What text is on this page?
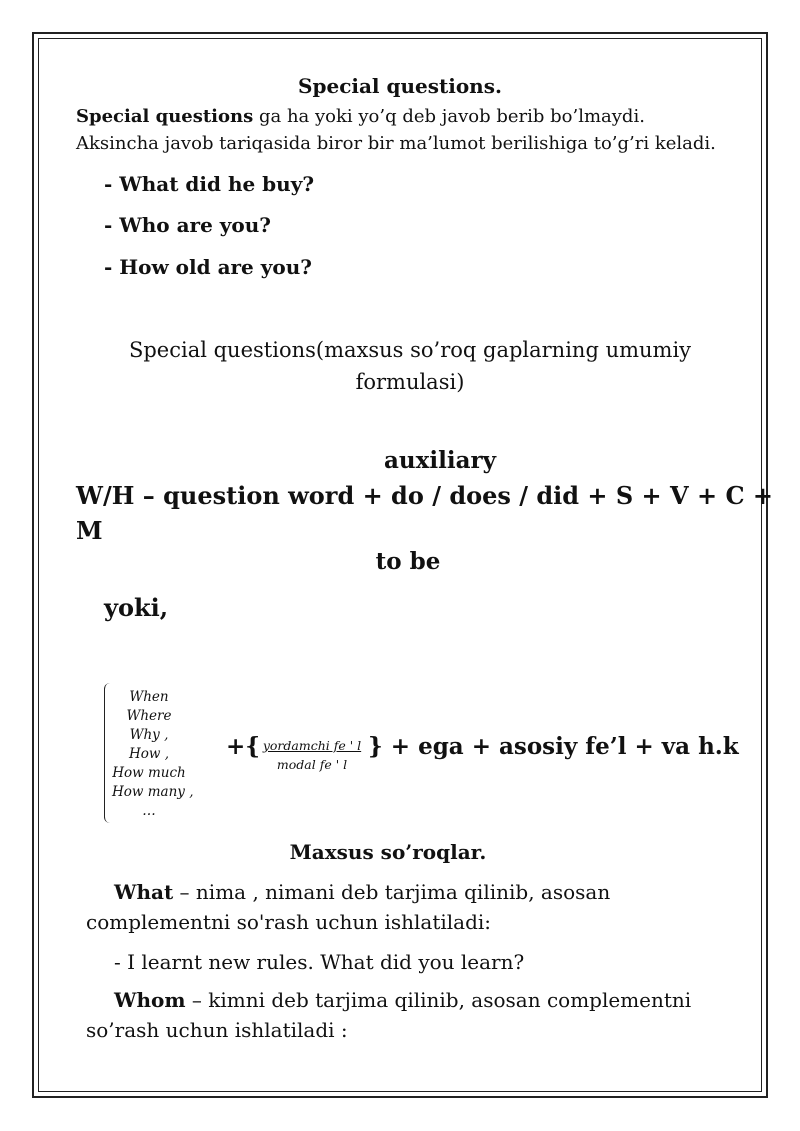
Special questions.
Special questions ga ha yoki yo’q deb javob berib bo’lmaydi.
Aksincha javob tariqasida biror bir ma’lumot berilishiga to’g’ri keladi.
- What did he buy?
- Who are you?
- How old are you?
Special questions(maxsus so’roq gaplarning umumiy formulasi)
auxiliary
W/H – question word + do / does / did + S + V + C +
M
to be
yoki,
When
Where
Why ,
How ,
How much
How many ,
…
+{ yordamchi fe ' l
modal fe ' l
} + ega + asosiy fe’l + va h.k
Maxsus so’roqlar.
What – nima , nimani deb tarjima qilinib, asosan
complementni so'rash uchun ishlatiladi:
- I learnt new rules. What did you learn?
Whom – kimni deb tarjima qilinib, asosan complementni
so’rash uchun ishlatiladi :
